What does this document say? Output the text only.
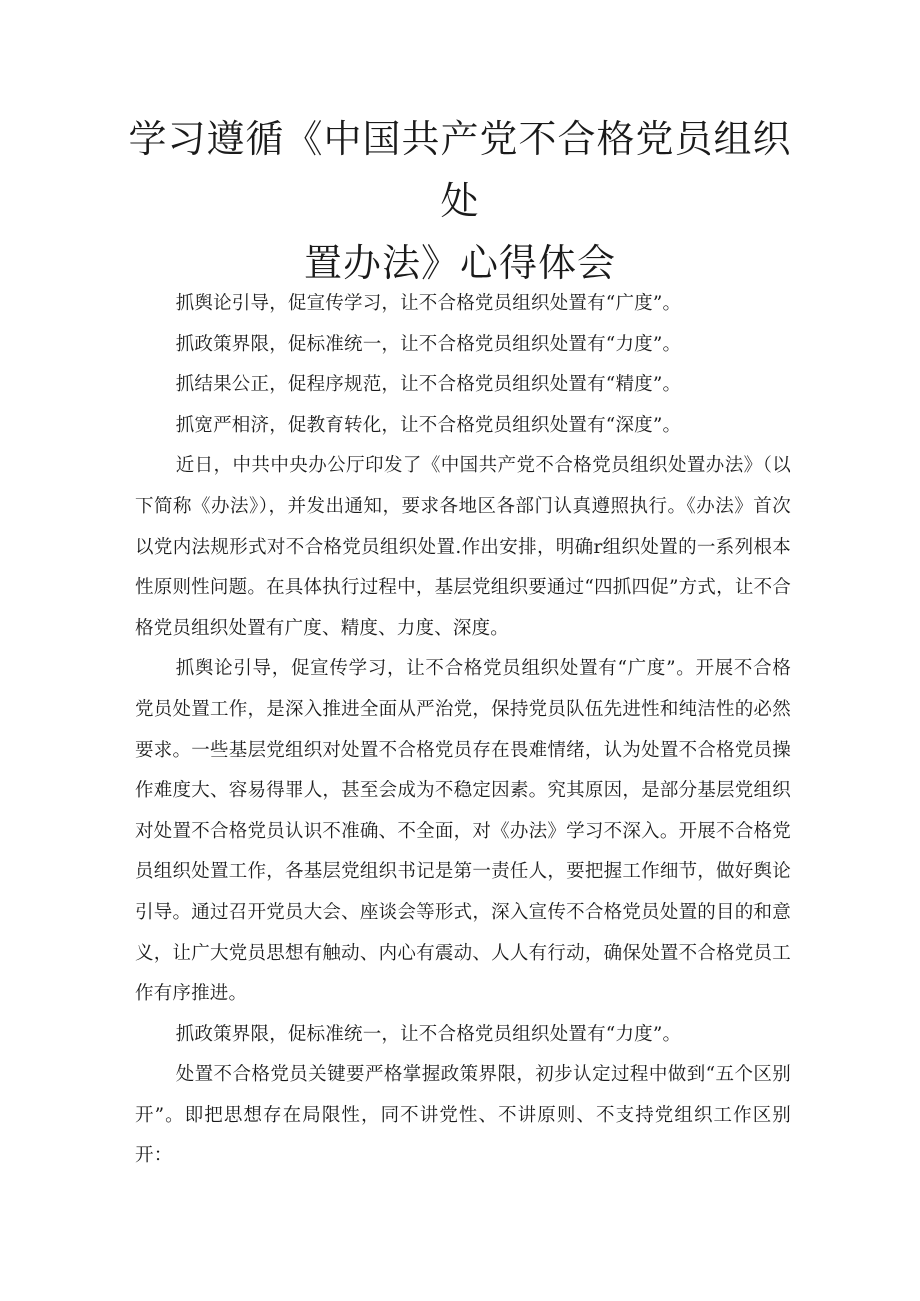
学习遵循《中国共产党不合格党员组织处
置办法》心得体会

抓舆论引导，促宣传学习，让不合格党员组织处置有“广度”。

抓政策界限，促标准统一，让不合格党员组织处置有“力度”。

抓结果公正，促程序规范，让不合格党员组织处置有“精度”。

抓宽严相济，促教育转化，让不合格党员组织处置有“深度”。

近日，中共中央办公厅印发了《中国共产党不合格党员组织处置办法》（以下简称《办法》），并发出通知，要求各地区各部门认真遵照执行。《办法》首次以党内法规形式对不合格党员组织处置.作出安排，明确r组织处置的一系列根本性原则性问题。在具体执行过程中，基层党组织要通过“四抓四促”方式，让不合格党员组织处置有广度、精度、力度、深度。

抓舆论引导，促宣传学习，让不合格党员组织处置有“广度”。开展不合格党员处置工作，是深入推进全面从严治党，保持党员队伍先进性和纯洁性的必然要求。一些基层党组织对处置不合格党员存在畏难情绪，认为处置不合格党员操作难度大、容易得罪人，甚至会成为不稳定因素。究其原因，是部分基层党组织对处置不合格党员认识不准确、不全面，对《办法》学习不深入。开展不合格党员组织处置工作，各基层党组织书记是第一责任人，要把握工作细节，做好舆论引导。通过召开党员大会、座谈会等形式，深入宣传不合格党员处置的目的和意义，让广大党员思想有触动、内心有震动、人人有行动，确保处置不合格党员工作有序推进。

抓政策界限，促标准统一，让不合格党员组织处置有“力度”。

处置不合格党员关键要严格掌握政策界限，初步认定过程中做到“五个区别开”。即把思想存在局限性，同不讲党性、不讲原则、不支持党组织工作区别开：
